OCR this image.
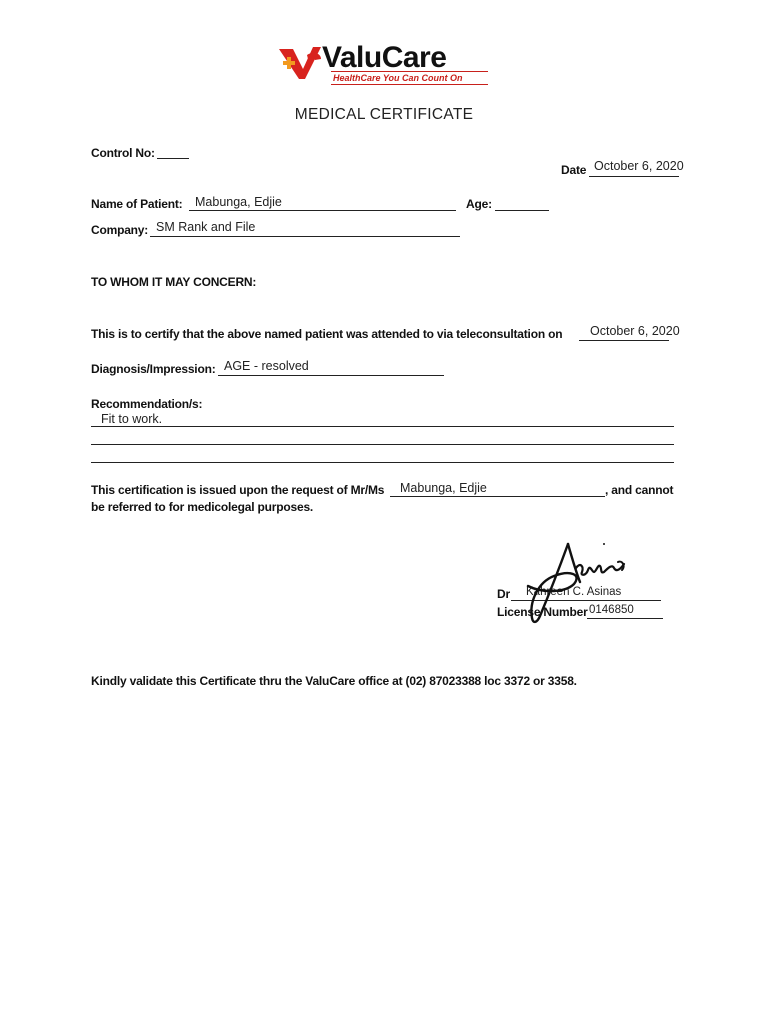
ValuCare
HealthCare You Can Count On
MEDICAL CERTIFICATE
Control No:
Date October 6, 2020
Name of Patient: Mabunga, Edjie	Age:
Company: SM Rank and File
TO WHOM IT MAY CONCERN:
This is to certify that the above named patient was attended to via teleconsultation on October 6, 2020
Diagnosis/Impression: AGE - resolved
Recommendation/s:
Fit to work.
This certification is issued upon the request of Mr/Ms Mabunga, Edjie	, and cannot
be referred to for medicolegal purposes.
Dr Kahreen C. Asinas
License Number 0146850
Kindly validate this Certificate thru the ValuCare office at (02) 87023388 loc 3372 or 3358.
